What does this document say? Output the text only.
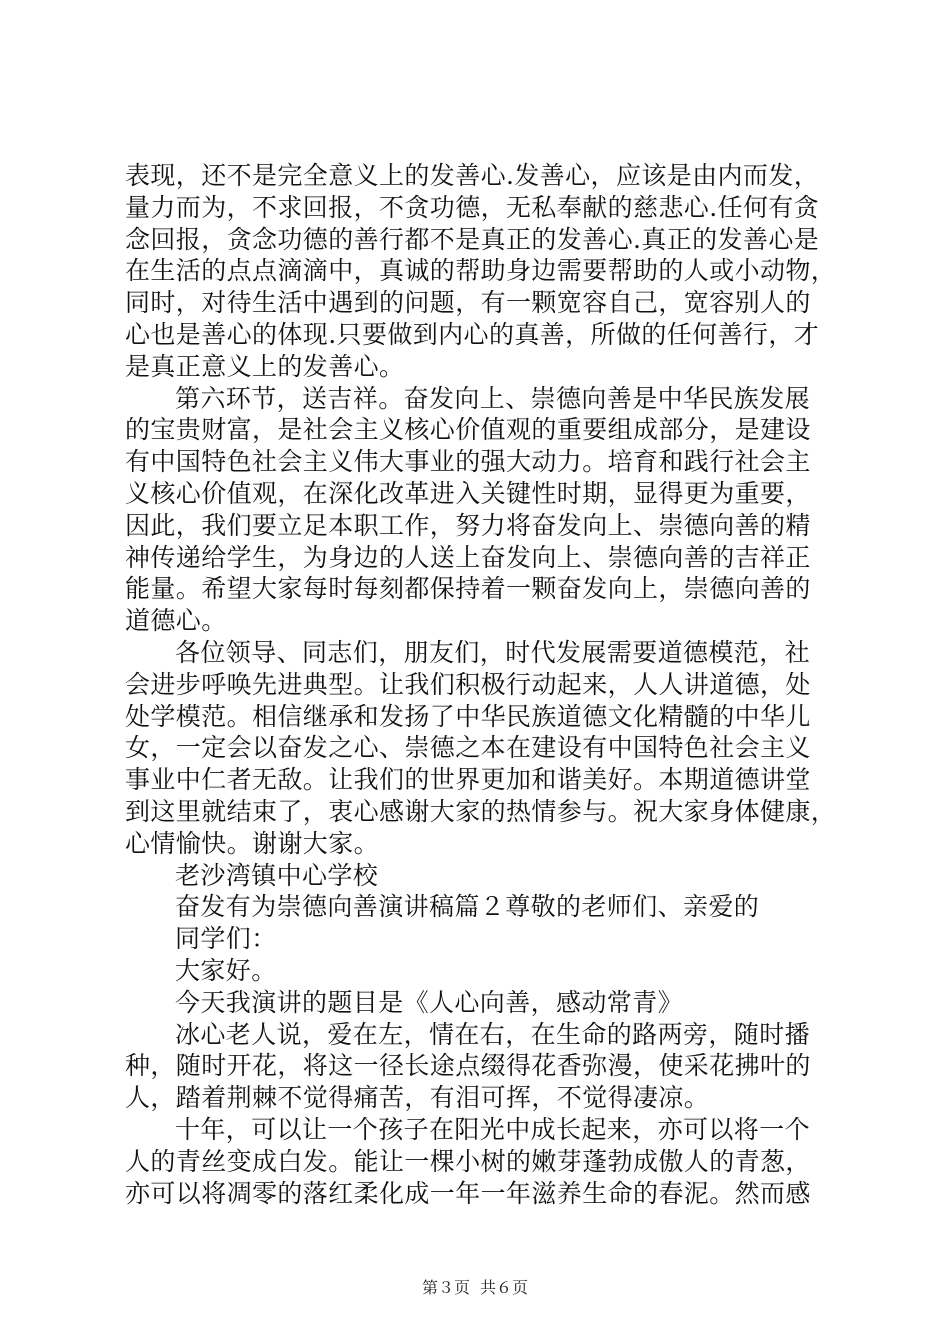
表现，还不是完全意义上的发善心.发善心，应该是由内而发，
量力而为，不求回报，不贪功德，无私奉献的慈悲心.任何有贪
念回报，贪念功德的善行都不是真正的发善心.真正的发善心是
在生活的点点滴滴中，真诚的帮助身边需要帮助的人或小动物，
同时，对待生活中遇到的问题，有一颗宽容自己，宽容别人的
心也是善心的体现.只要做到内心的真善，所做的任何善行，才
是真正意义上的发善心。
第六环节，送吉祥。奋发向上、崇德向善是中华民族发展
的宝贵财富，是社会主义核心价值观的重要组成部分，是建设
有中国特色社会主义伟大事业的强大动力。培育和践行社会主
义核心价值观，在深化改革进入关键性时期，显得更为重要，
因此，我们要立足本职工作，努力将奋发向上、崇德向善的精
神传递给学生，为身边的人送上奋发向上、崇德向善的吉祥正
能量。希望大家每时每刻都保持着一颗奋发向上，崇德向善的
道德心。
各位领导、同志们，朋友们，时代发展需要道德模范，社
会进步呼唤先进典型。让我们积极行动起来，人人讲道德，处
处学模范。相信继承和发扬了中华民族道德文化精髓的中华儿
女，一定会以奋发之心、崇德之本在建设有中国特色社会主义
事业中仁者无敌。让我们的世界更加和谐美好。本期道德讲堂
到这里就结束了，衷心感谢大家的热情参与。祝大家身体健康，
心情愉快。谢谢大家。
老沙湾镇中心学校
奋发有为崇德向善演讲稿篇２尊敬的老师们、亲爱的
同学们：
大家好。
今天我演讲的题目是《人心向善，感动常青》
冰心老人说，爱在左，情在右，在生命的路两旁，随时播
种，随时开花，将这一径长途点缀得花香弥漫，使采花拂叶的
人，踏着荆棘不觉得痛苦，有泪可挥，不觉得凄凉。
十年，可以让一个孩子在阳光中成长起来，亦可以将一个
人的青丝变成白发。能让一棵小树的嫩芽蓬勃成傲人的青葱，
亦可以将凋零的落红柔化成一年一年滋养生命的春泥。然而感
第３页 共６页
